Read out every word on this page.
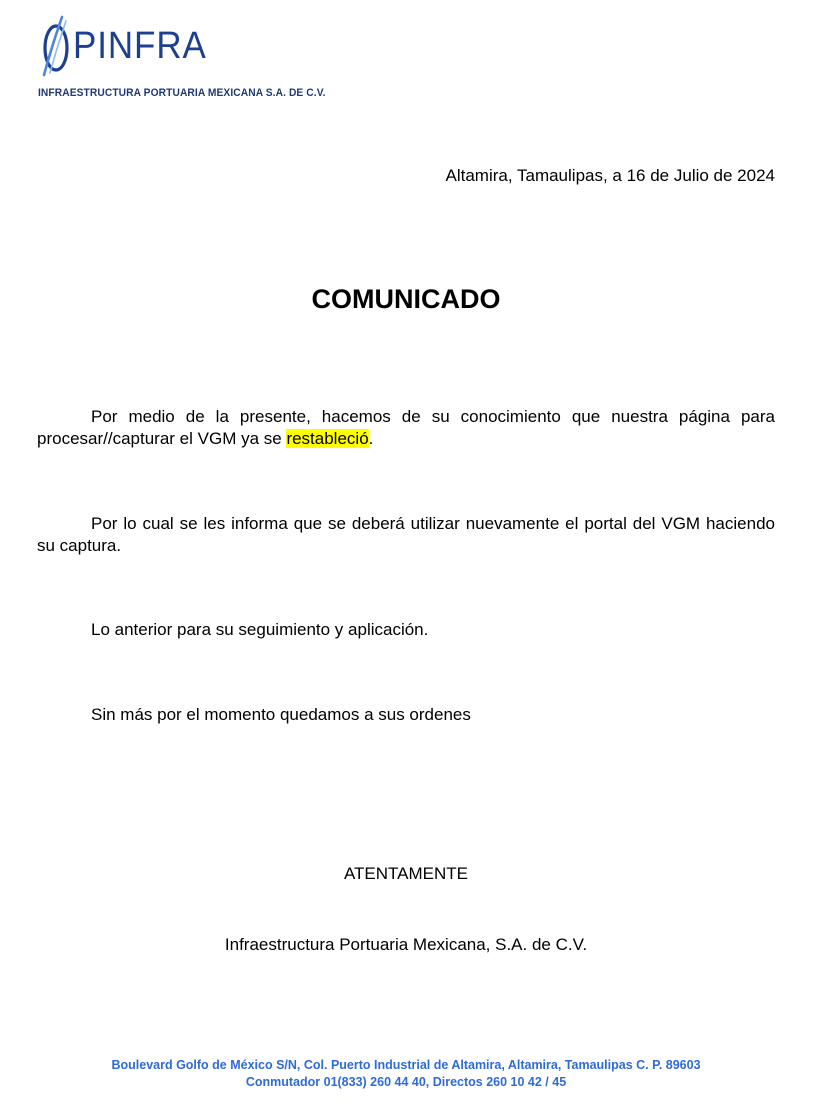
PINFRA
INFRAESTRUCTURA PORTUARIA MEXICANA S.A. DE C.V.
Altamira, Tamaulipas, a 16 de Julio de 2024
COMUNICADO

Por medio de la presente, hacemos de su conocimiento que nuestra página para procesar//capturar el VGM ya se restableció.

Por lo cual se les informa que se deberá utilizar nuevamente el portal del VGM haciendo su captura.

Lo anterior para su seguimiento y aplicación.

Sin más por el momento quedamos a sus ordenes

ATENTAMENTE
Infraestructura Portuaria Mexicana, S.A. de C.V.
Boulevard Golfo de México S/N, Col. Puerto Industrial de Altamira, Altamira, Tamaulipas C. P. 89603
Conmutador 01(833) 260 44 40, Directos 260 10 42 / 45
